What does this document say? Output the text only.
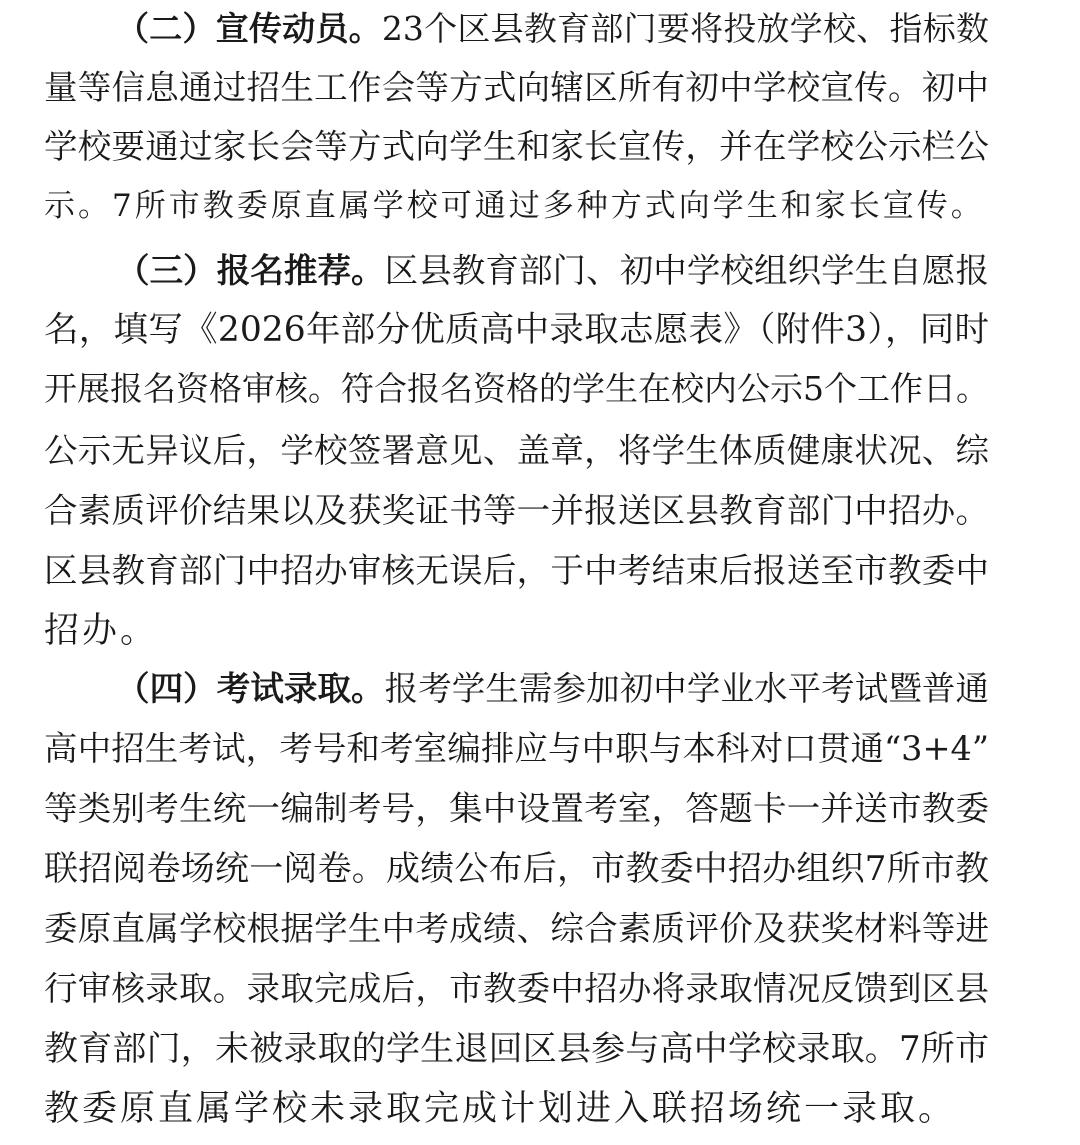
（二）宣传动员。23个区县教育部门要将投放学校、指标数
量等信息通过招生工作会等方式向辖区所有初中学校宣传。初中
学校要通过家长会等方式向学生和家长宣传，并在学校公示栏公
示。7所市教委原直属学校可通过多种方式向学生和家长宣传。
（三）报名推荐。区县教育部门、初中学校组织学生自愿报
名，填写《2026年部分优质高中录取志愿表》（附件3），同时
开展报名资格审核。符合报名资格的学生在校内公示5个工作日。
公示无异议后，学校签署意见、盖章，将学生体质健康状况、综
合素质评价结果以及获奖证书等一并报送区县教育部门中招办。
区县教育部门中招办审核无误后，于中考结束后报送至市教委中
招办。
（四）考试录取。报考学生需参加初中学业水平考试暨普通
高中招生考试，考号和考室编排应与中职与本科对口贯通“3+4”
等类别考生统一编制考号，集中设置考室，答题卡一并送市教委
联招阅卷场统一阅卷。成绩公布后，市教委中招办组织7所市教
委原直属学校根据学生中考成绩、综合素质评价及获奖材料等进
行审核录取。录取完成后，市教委中招办将录取情况反馈到区县
教育部门，未被录取的学生退回区县参与高中学校录取。7所市
教委原直属学校未录取完成计划进入联招场统一录取。
